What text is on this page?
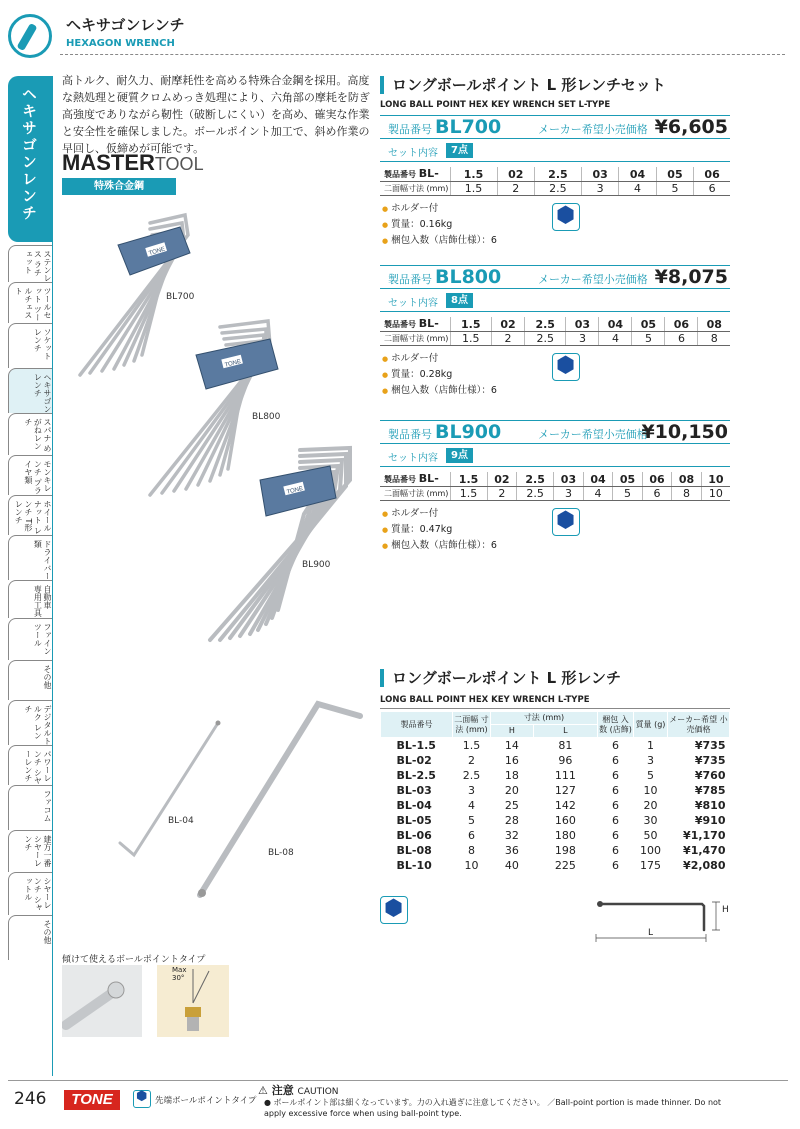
ヘキサゴンレンチ
HEXAGON WRENCH
ヘキサゴンレンチ
ステンレス ラチェット
ツールセット ツールチェスト
ソケット レンチ
ヘキサゴン レンチ
スパナ めがねレンチ
モンキレンチ プライヤ類
ホイールナット レンチ T形レンチ
ドライバー類
自動車 専用工具
ファインツール
その他
デジタルトルク レンチ
パワーレンチ シヤーレンチ
ファコム
建方一番 シヤーレンチ
シヤーレンチ シャットル
その他
高トルク、耐久力、耐摩耗性を高める特殊合金鋼を採用。高度な熱処理と硬質クロムめっき処理により、六角部の摩耗を防ぎ高強度でありながら靭性（破断しにくい）を高め、確実な作業と安全性を確保しました。ボールポイント加工で、斜め作業の早回し、仮締めが可能です。
MASTERTOOL
特殊合金鋼
TONE
BL700
TONE
BL800
TONE
BL900
BL-04
BL-08
傾けて使えるボールポイントタイプ
Max 30°
ロングボールポイント L 形レンチセット
LONG BALL POINT HEX KEY WRENCH SET L-TYPE
製品番号 BL700	メーカー希望小売価格 ¥6,605
セット内容	7点
製品番号 BL-	1.5	02	2.5	03	04	05	06
二面幅寸法 (mm)	1.5	2	2.5	3	4	5	6
● ホルダー付
● 質量：0.16kg
● 梱包入数（店飾仕様）：6
⬢
製品番号 BL800	メーカー希望小売価格 ¥8,075
セット内容	8点
製品番号 BL-	1.5	02	2.5	03	04	05	06	08
二面幅寸法 (mm)	1.5	2	2.5	3	4	5	6	8
● ホルダー付
● 質量：0.28kg
● 梱包入数（店飾仕様）：6
⬢
製品番号 BL900	メーカー希望小売価格
¥10,150
セット内容	9点
製品番号 BL-	1.5	02	2.5	03	04	05	06	08	10
二面幅寸法 (mm)	1.5	2	2.5	3	4	5	6	8	10
● ホルダー付
● 質量：0.47kg
● 梱包入数（店飾仕様）：6
⬢
ロングボールポイント L 形レンチ
LONG BALL POINT HEX KEY WRENCH L-TYPE
製品番号	二面幅 寸法 (mm)	寸法 (mm)		梱包 入数 (店飾)	質量 (g)	メーカー希望 小売価格
		H	L			
BL-1.5	1.5	14	81	6	1	¥735
BL-02	2	16	96	6	3	¥735
BL-2.5	2.5	18	111	6	5	¥760
BL-03	3	20	127	6	10	¥785
BL-04	4	25	142	6	20	¥810
BL-05	5	28	160	6	30	¥910
BL-06	6	32	180	6	50	¥1,170
BL-08	8	36	198	6	100	¥1,470
BL-10	10	40	225	6	175	¥2,080
⬢
H
L
246	TONE ⬢	先端ボールポイントタイプ
⚠ 注意 CAUTION
● ボールポイント部は細くなっています。力の入れ過ぎに注意してください。 ／Ball-point portion is made thinner. Do not apply excessive force when using ball-point type.
